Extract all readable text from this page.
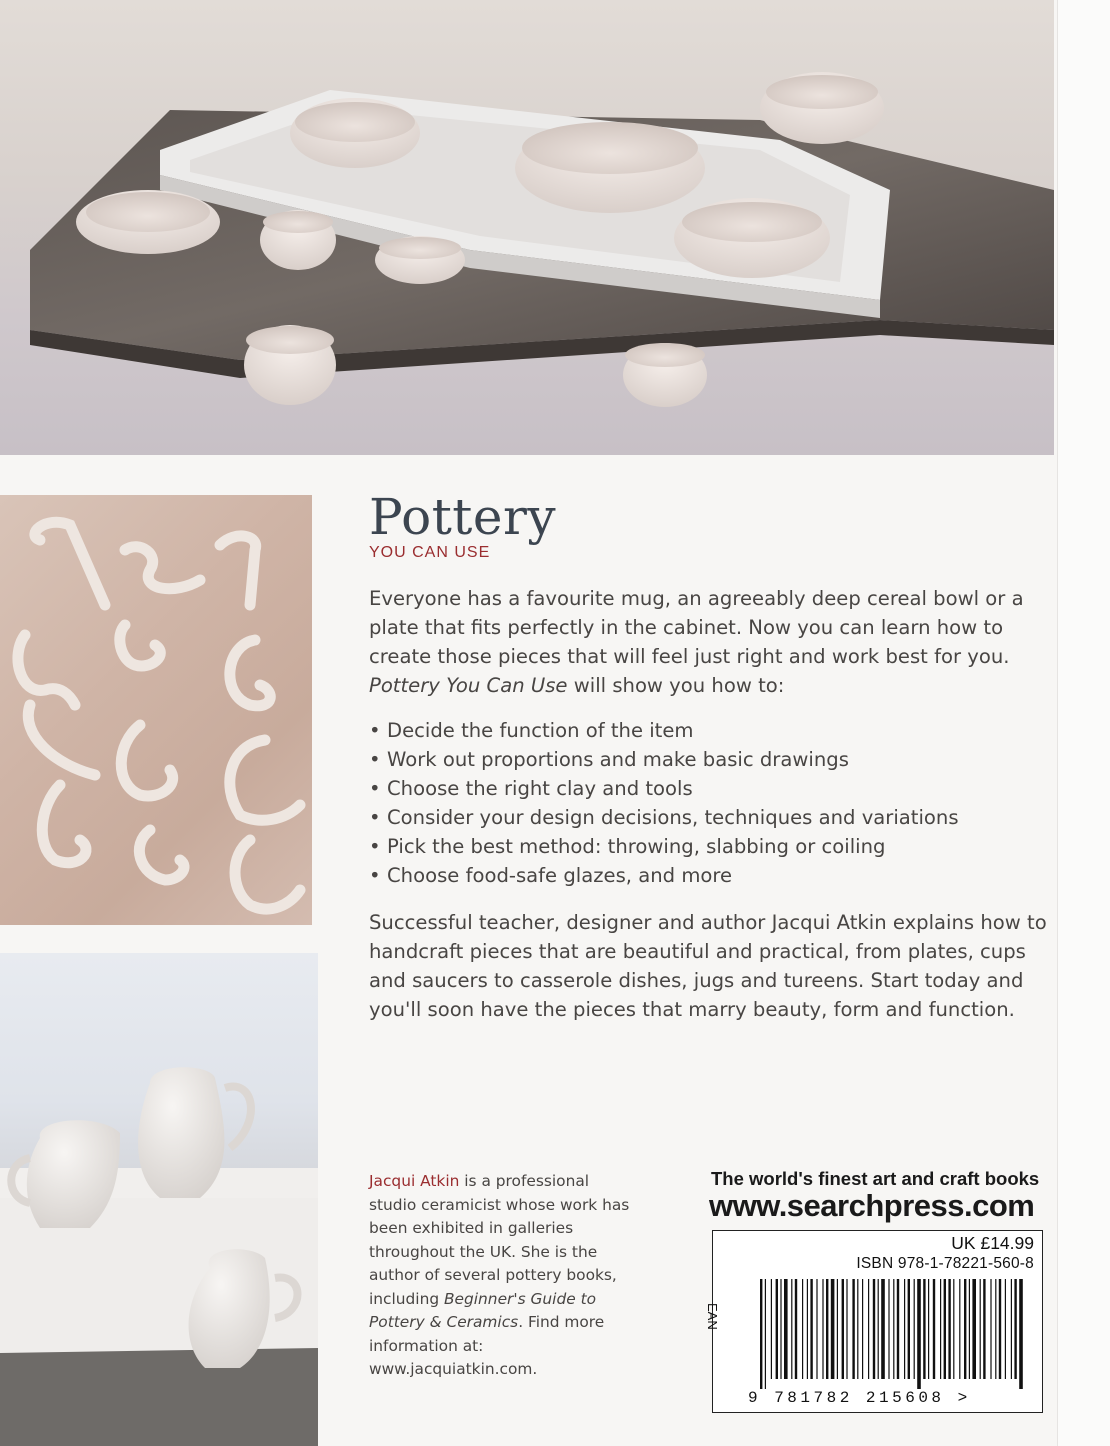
Pottery
YOU CAN USE

Everyone has a favourite mug, an agreeably deep cereal bowl or a plate that fits perfectly in the cabinet. Now you can learn how to create those pieces that will feel just right and work best for you. Pottery You Can Use will show you how to:

• Decide the function of the item
• Work out proportions and make basic drawings
• Choose the right clay and tools
• Consider your design decisions, techniques and variations
• Pick the best method: throwing, slabbing or coiling
• Choose food-safe glazes, and more

Successful teacher, designer and author Jacqui Atkin explains how to handcraft pieces that are beautiful and practical, from plates, cups and saucers to casserole dishes, jugs and tureens. Start today and you'll soon have the pieces that marry beauty, form and function.

Jacqui Atkin is a professional studio ceramicist whose work has been exhibited in galleries throughout the UK. She is the author of several pottery books, including Beginner's Guide to Pottery & Ceramics. Find more information at: www.jacquiatkin.com.

The world's finest art and craft books
www.searchpress.com
UK £14.99
ISBN 978-1-78221-560-8
EAN
9 781782 215608 >
